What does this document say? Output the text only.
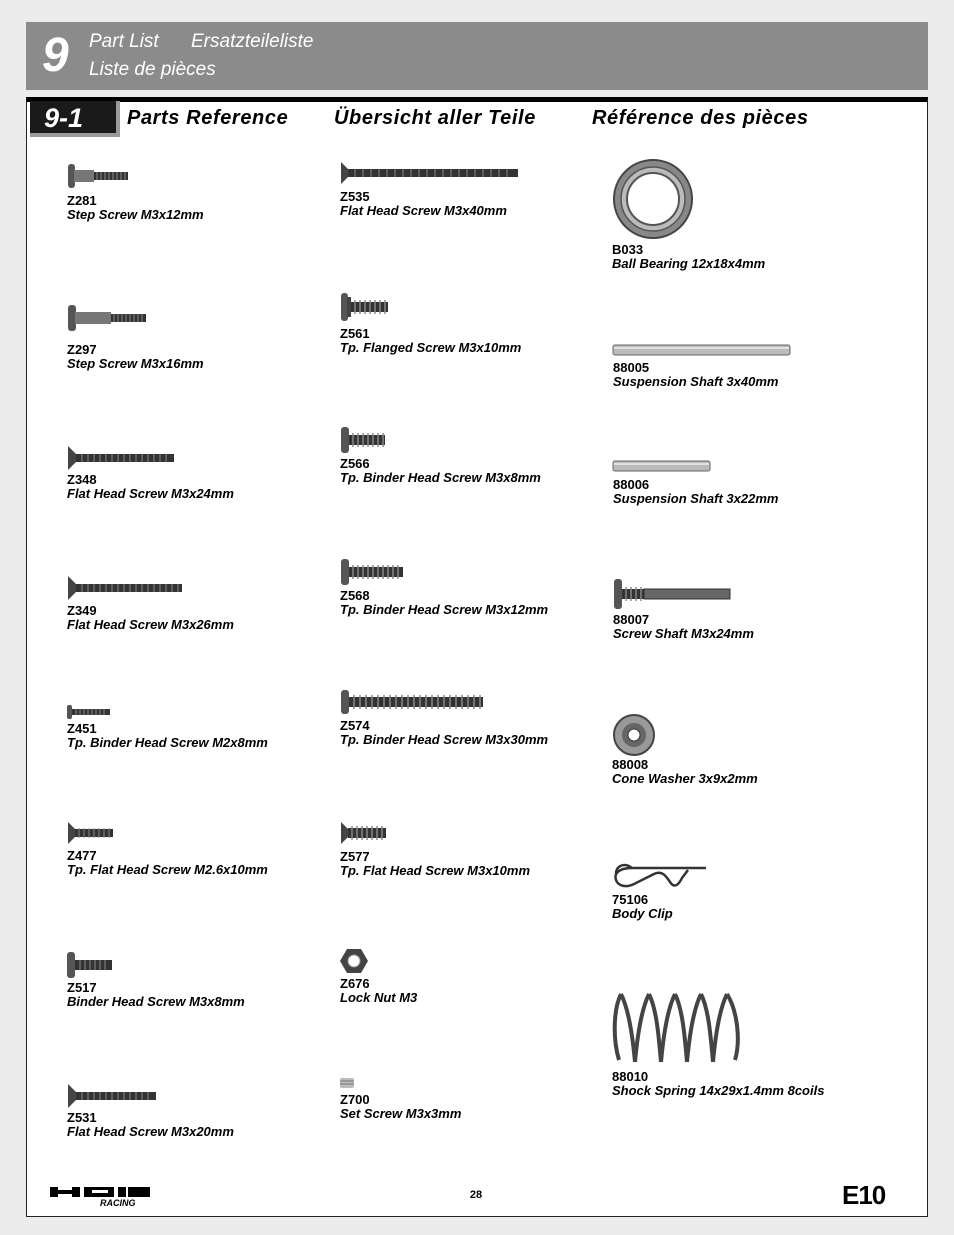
9 Part List Ersatzteileliste
Liste de pièces
9-1 Parts Reference Übersicht aller Teile	Référence des pièces
Z281
Step Screw M3x12mm
Z297
Step Screw M3x16mm
Z348
Flat Head Screw M3x24mm
Z349
Flat Head Screw M3x26mm
Z451
Tp. Binder Head Screw M2x8mm
Z477
Tp. Flat Head Screw M2.6x10mm
Z517
Binder Head Screw M3x8mm
Z531
Flat Head Screw M3x20mm
Z535
Flat Head Screw M3x40mm
Z561
Tp. Flanged Screw M3x10mm
Z566
Tp. Binder Head Screw M3x8mm
Z568
Tp. Binder Head Screw M3x12mm
Z574
Tp. Binder Head Screw M3x30mm
Z577
Tp. Flat Head Screw M3x10mm
Z676
Lock Nut M3
Z700
Set Screw M3x3mm
B033
Ball Bearing 12x18x4mm
88005
Suspension Shaft 3x40mm
88006
Suspension Shaft 3x22mm
88007
Screw Shaft M3x24mm
88008
Cone Washer 3x9x2mm
75106
Body Clip
88010
Shock Spring 14x29x1.4mm 8coils
RACING
28	E10
